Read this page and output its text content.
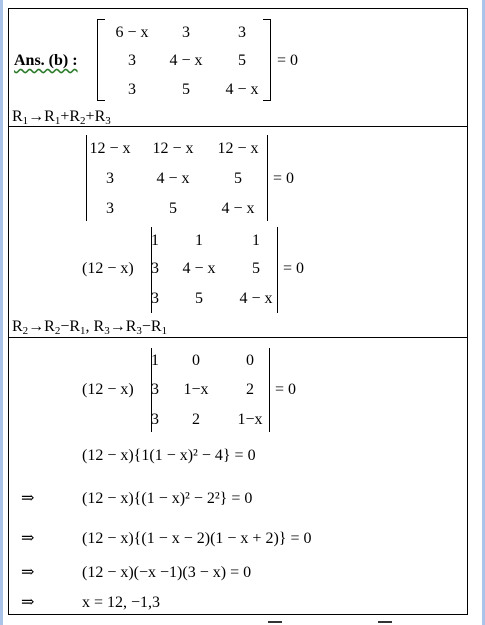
Ans. (b) :
6 − x	3	3
3	4 − x	5
3	5	4 − x
= 0
$R_1\to R_1+R_2+R_3$
12 − x	12 − x	12 − x
3	4 − x	5
3	5	4 − x
= 0
(12 − x)
1	1	1
3	4 − x	5
3	5	4 − x
= 0
$R_2\to R_2-R_1$, $R_3\to R_3-R_1$
(12 − x)
1	0	0
3	1−x	2
3	2	1−x
= 0
(12 − x){1(1 − x)² − 4} = 0
⇒	(12 − x){(1 − x)² − 2²} = 0
⇒	(12 − x){(1 − x − 2)(1 − x + 2)} = 0
⇒	(12 − x)(−x −1)(3 − x) = 0
⇒	x = 12, −1,3
